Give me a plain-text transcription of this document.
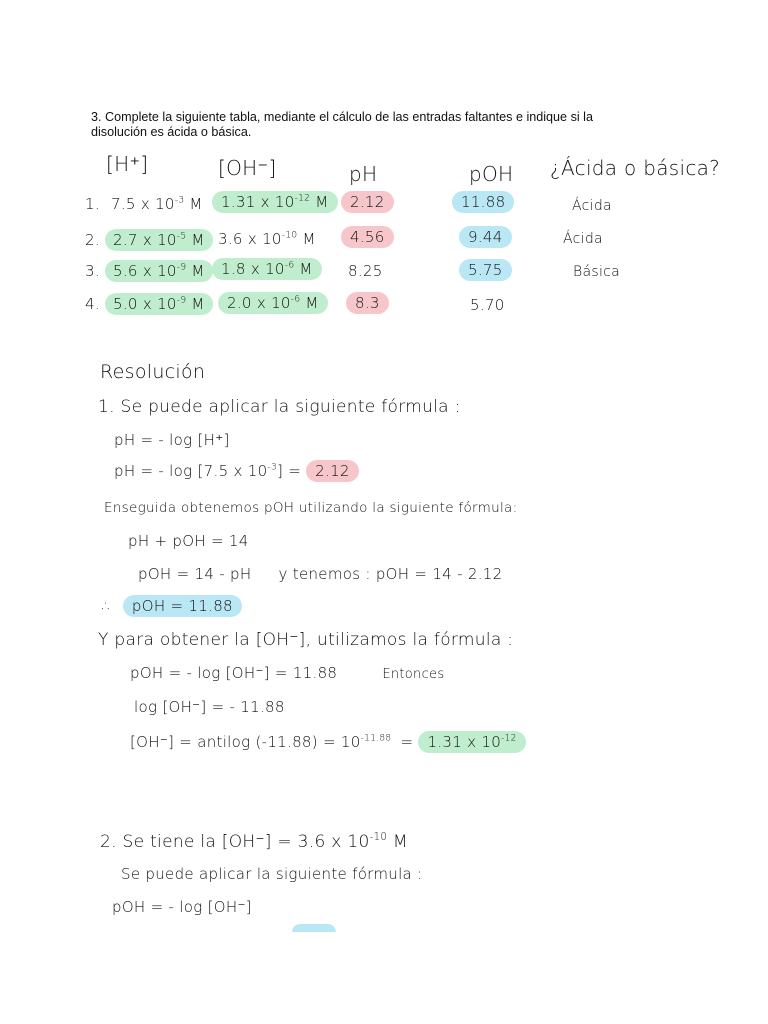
3. Complete la siguiente tabla, mediante el cálculo de las entradas faltantes e indique si la disolución es ácida o básica.

[H⁺]	[OH⁻]	pH	pOH ¿Ácida o básica?
1. 7.5 x $10^{-3}$ M	1.31 x $10^{-12}$ M	2.12	11.88	Ácida
2. 2.7 x $10^{-5}$ M 3.6 x $10^{-10}$ M	4.56	9.44	Ácida
3. 5.6 x $10^{-9}$ M	1.8 x $10^{-6}$ M	8.25	5.75	Básica
4. 5.0 x $10^{-9}$ M	2.0 x $10^{-6}$ M	8.3	5.70
Resolución
1. Se puede aplicar la siguiente fórmula :
pH = - log [H⁺]
pH = - log [7.5 x $10^{-3}] = 2.12$
Enseguida obtenemos pOH utilizando la siguiente fórmula:
pH + pOH = 14
pOH = 14 - pH y tenemos : pOH = 14 - 2.12
∴ pOH = 11.88
Y para obtener la [OH⁻], utilizamos la fórmula :
pOH = - log [OH⁻] = 11.88	Entonces
log [OH⁻] = - 11.88
[OH⁻] = antilog $(-11.88) = 10^{-11.88} = 1.31$ x $10^{-12}$
2. Se tiene la [OH⁻] = 3.6 x $10^{-10}$ M
Se puede aplicar la siguiente fórmula :
pOH = - log [OH⁻]
